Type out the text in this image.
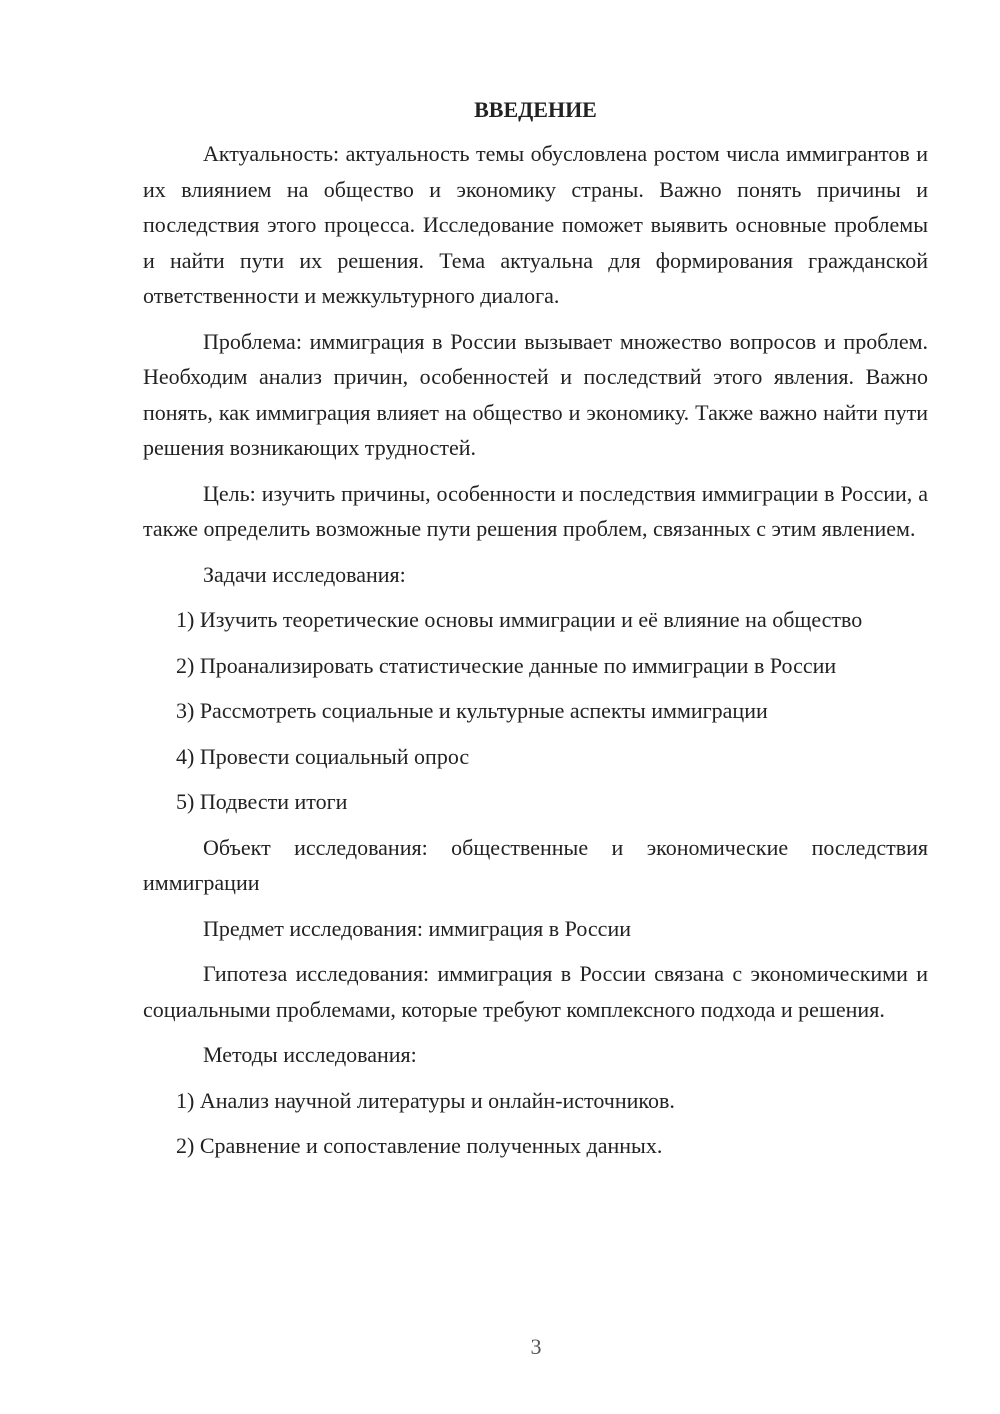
ВВЕДЕНИЕ

Актуальность: актуальность темы обусловлена ростом числа иммигрантов и их влиянием на общество и экономику страны. Важно понять причины и последствия этого процесса. Исследование поможет выявить основные проблемы и найти пути их решения. Тема актуальна для формирования гражданской ответственности и межкультурного диалога.

Проблема: иммиграция в России вызывает множество вопросов и проблем. Необходим анализ причин, особенностей и последствий этого явления. Важно понять, как иммиграция влияет на общество и экономику. Также важно найти пути решения возникающих трудностей.

Цель: изучить причины, особенности и последствия иммиграции в России, а также определить возможные пути решения проблем, связанных с этим явлением.

Задачи исследования:

1) Изучить теоретические основы иммиграции и её влияние на общество

2) Проанализировать статистические данные по иммиграции в России

3) Рассмотреть социальные и культурные аспекты иммиграции

4) Провести социальный опрос

5) Подвести итоги

Объект исследования: общественные и экономические последствия иммиграции

Предмет исследования: иммиграция в России

Гипотеза исследования: иммиграция в России связана с экономическими и социальными проблемами, которые требуют комплексного подхода и решения.

Методы исследования:

1) Анализ научной литературы и онлайн-источников.

2) Сравнение и сопоставление полученных данных.

3
